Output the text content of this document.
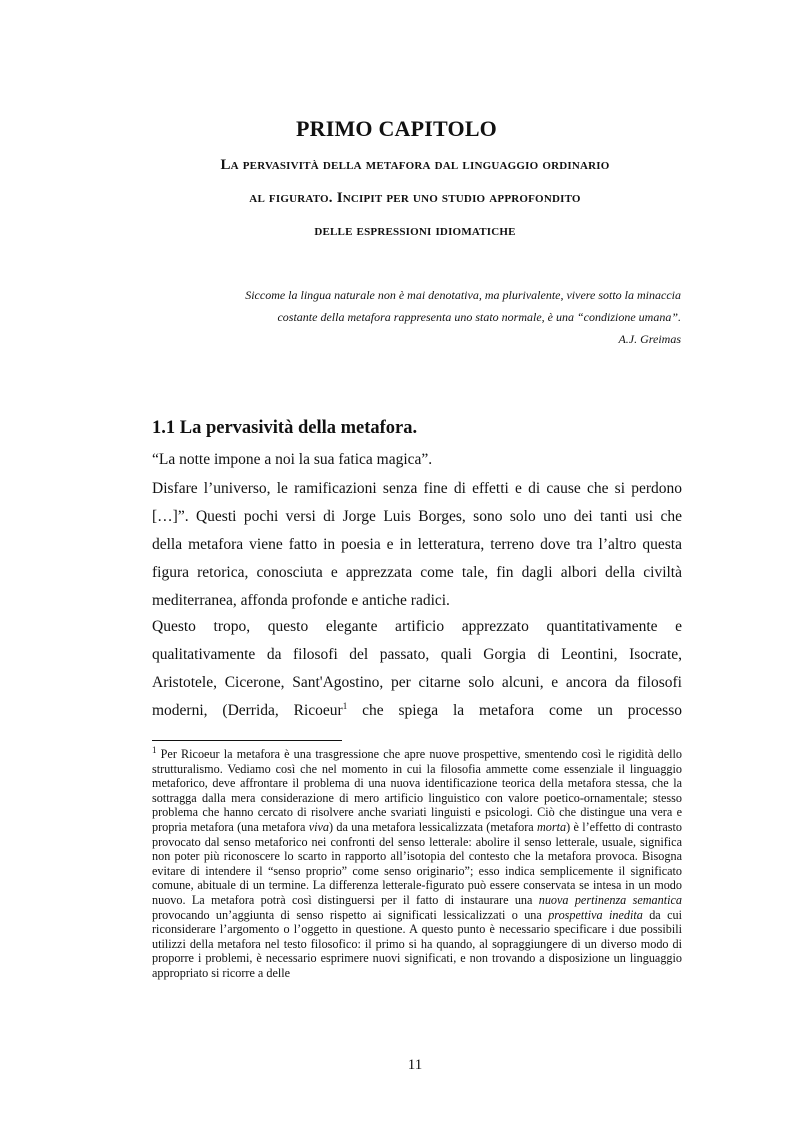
PRIMO CAPITOLO
La pervasività della metafora dal linguaggio ordinario
al figurato. Incipit per uno studio approfondito
delle espressioni idiomatiche
Siccome la lingua naturale non è mai denotativa, ma plurivalente, vivere sotto la minaccia
costante della metafora rappresenta uno stato normale, è una “condizione umana”.
A.J. Greimas
1.1 La pervasività della metafora.
“La notte impone a noi la sua fatica magica”.
Disfare l’universo, le ramificazioni senza fine di effetti e di cause che si perdono
[…]”. Questi pochi versi di Jorge Luis Borges, sono solo uno dei tanti usi che
della metafora viene fatto in poesia e in letteratura, terreno dove tra l’altro questa
figura retorica, conosciuta e apprezzata come tale, fin dagli albori della civiltà
mediterranea, affonda profonde e antiche radici.
Questo tropo, questo elegante artificio apprezzato quantitativamente e
qualitativamente da filosofi del passato, quali Gorgia di Leontini, Isocrate,
Aristotele, Cicerone, Sant'Agostino, per citarne solo alcuni, e ancora da filosofi
moderni, (Derrida, Ricoeur$^1$ che spiega la metafora come un processo
$^1$ Per Ricoeur la metafora è una trasgressione che apre nuove prospettive, smentendo così le rigidità dello strutturalismo. Vediamo così che nel momento in cui la filosofia ammette come essenziale il linguaggio metaforico, deve affrontare il problema di una nuova identificazione teorica della metafora stessa, che la sottragga dalla mera considerazione di mero artificio linguistico con valore poetico-ornamentale; stesso problema che hanno cercato di risolvere anche svariati linguisti e psicologi. Ciò che distingue una vera e propria metafora (una metafora viva) da una metafora lessicalizzata (metafora morta) è l’effetto di contrasto provocato dal senso metaforico nei confronti del senso letterale: abolire il senso letterale, usuale, significa non poter più riconoscere lo scarto in rapporto all’isotopia del contesto che la metafora provoca. Bisogna evitare di intendere il “senso proprio” come senso originario”; esso indica semplicemente il significato comune, abituale di un termine. La differenza letterale-figurato può essere conservata se intesa in un modo nuovo. La metafora potrà così distinguersi per il fatto di instaurare una nuova pertinenza semantica provocando un’aggiunta di senso rispetto ai significati lessicalizzati o una prospettiva inedita da cui riconsiderare l’argomento o l’oggetto in questione. A questo punto è necessario specificare i due possibili utilizzi della metafora nel testo filosofico: il primo si ha quando, al sopraggiungere di un diverso modo di proporre i problemi, è necessario esprimere nuovi significati, e non trovando a disposizione un linguaggio appropriato si ricorre a delle
11
